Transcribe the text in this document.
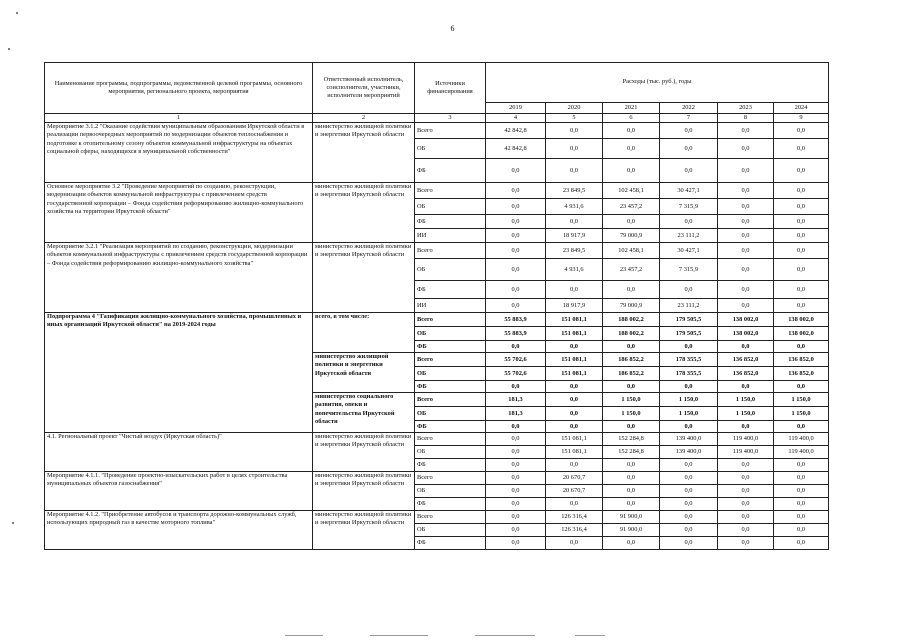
6
Наименование программы, подпрограммы, ведомственной целевой программы, основного мероприятия, регионального проекта, мероприятия	Ответственный исполнитель, соисполнители, участники, исполнители мероприятий	Источники финансирования	Расходы (тыс. руб.), годы					
			2019	2020	2021	2022	2023	2024
1	2	3	4	5	6	7	8	9
Мероприятие 3.1.2 "Оказание содействия муниципальным образованиям Иркутской области в реализации первоочередных мероприятий по модернизации объектов теплоснабжения и подготовке к отопительному сезону объектов коммунальной инфраструктуры на объектах социальной сферы, находящихся в муниципальной собственности"	министерство жилищной политики и энергетики Иркутской области	Всего	42 842,8	0,0	0,0	0,0	0,0	0,0
		ОБ	42 842,8	0,0	0,0	0,0	0,0	0,0
		ФБ	0,0	0,0	0,0	0,0	0,0	0,0
Основное мероприятие 3.2 "Проведение мероприятий по созданию, реконструкции, модернизации объектов коммунальной инфраструктуры с привлечением средств государственной корпорации – Фонда содействия реформированию жилищно-коммунального хозяйства на территории Иркутской области"	министерство жилищной политики и энергетики Иркутской области	Всего	0,0	23 849,5	102 458,1	30 427,1	0,0	0,0
		ОБ	0,0	4 931,6	23 457,2	7 315,9	0,0	0,0
		ФБ	0,0	0,0	0,0	0,0	0,0	0,0
		ИИ	0,0	18 917,9	79 000,9	23 111,2	0,0	0,0
Мероприятие 3.2.1 "Реализация мероприятий по созданию, реконструкции, модернизации объектов коммунальной инфраструктуры с привлечением средств государственной корпорации – Фонда содействия реформированию жилищно-коммунального хозяйства"	министерство жилищной политики и энергетики Иркутской области	Всего	0,0	23 849,5	102 458,1	30 427,1	0,0	0,0
		ОБ	0,0	4 931,6	23 457,2	7 315,9	0,0	0,0
		ФБ	0,0	0,0	0,0	0,0	0,0	0,0
		ИИ	0,0	18 917,9	79 000,9	23 111,2	0,0	0,0
Подпрограмма 4 "Газификация жилищно-коммунального хозяйства, промышленных и иных организаций Иркутской области" на 2019-2024 годы	всего, в том числе:	Всего	55 883,9	151 081,1	188 002,2	179 505,5	138 002,0	138 002,0
		ОБ	55 883,9	151 081,1	188 002,2	179 505,5	138 002,0	138 002,0
		ФБ	0,0	0,0	0,0	0,0	0,0	0,0
	министерство жилищной политики и энергетики Иркутской области	Всего	55 702,6	151 081,1	186 852,2	178 355,5	136 852,0	136 852,0
		ОБ	55 702,6	151 081,1	186 852,2	178 355,5	136 852,0	136 852,0
		ФБ	0,0	0,0	0,0	0,0	0,0	0,0
	министерство социального развития, опеки и попечительства Иркутской области	Всего	181,3	0,0	1 150,0	1 150,0	1 150,0	1 150,0
		ОБ	181,3	0,0	1 150,0	1 150,0	1 150,0	1 150,0
		ФБ	0,0	0,0	0,0	0,0	0,0	0,0
4.1. Региональный проект "Чистый воздух (Иркутская область)"	министерство жилищной политики и энергетики Иркутской области	Всего	0,0	151 081,1	152 284,8	139 400,0	119 400,0	119 400,0
		ОБ	0,0	151 081,1	152 284,8	139 400,0	119 400,0	119 400,0
		ФБ	0,0	0,0	0,0	0,0	0,0	0,0
Мероприятие 4.1.1. "Проведение проектно-изыскательских работ в целях строительства муниципальных объектов газоснабжения"	министерство жилищной политики и энергетики Иркутской области	Всего	0,0	20 670,7	0,0	0,0	0,0	0,0
		ОБ	0,0	20 670,7	0,0	0,0	0,0	0,0
		ФБ	0,0	0,0	0,0	0,0	0,0	0,0
Мероприятие 4.1.2. "Приобретение автобусов и транспорта дорожно-коммунальных служб, использующих природный газ в качестве моторного топлива"	министерство жилищной политики и энергетики Иркутской области	Всего	0,0	126 316,4	91 900,0	0,0	0,0	0,0
		ОБ	0,0	126 316,4	91 900,0	0,0	0,0	0,0
		ФБ	0,0	0,0	0,0	0,0	0,0	0,0
